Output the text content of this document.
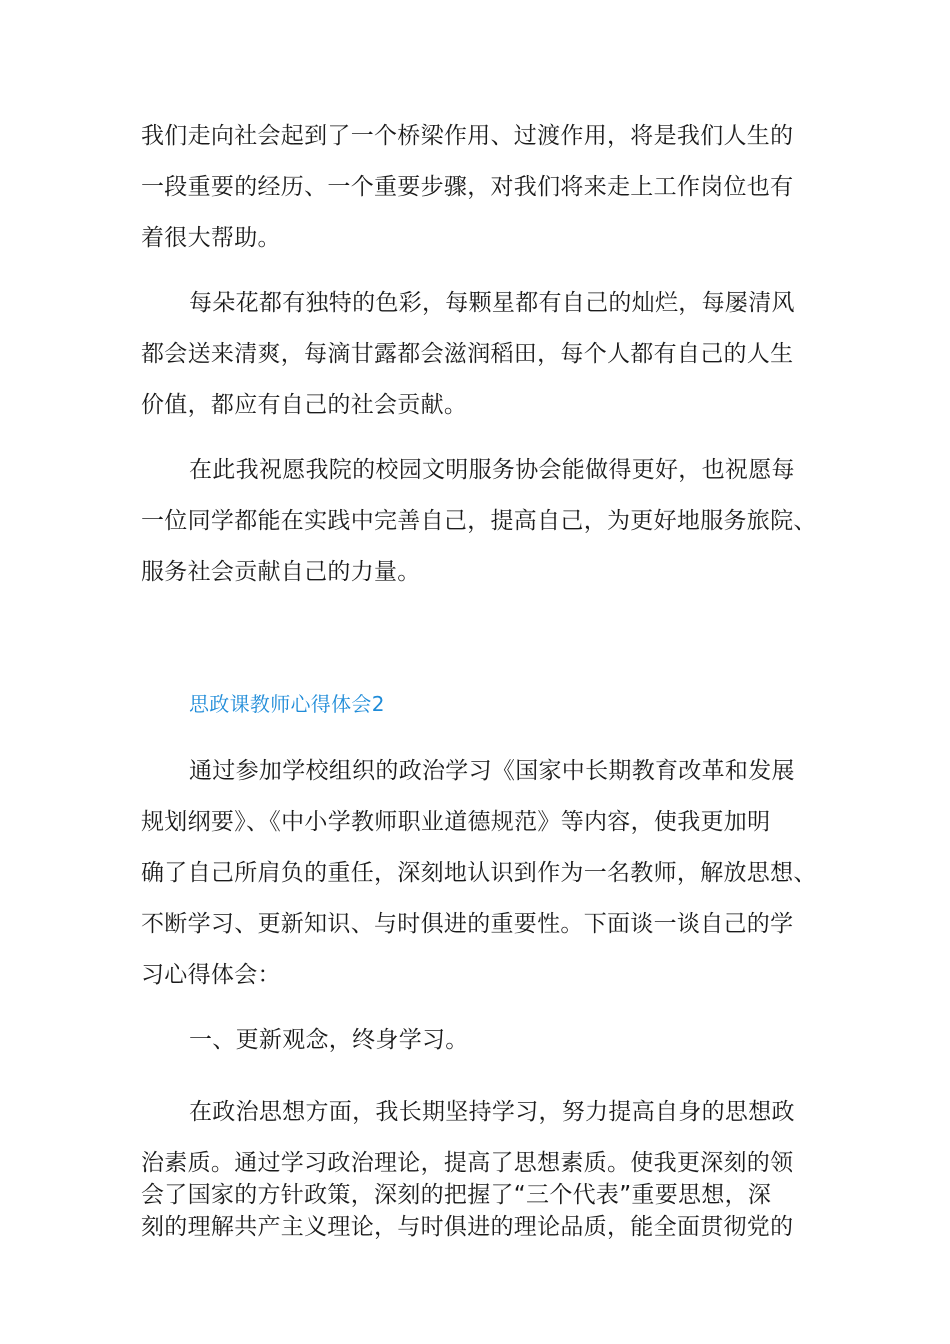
我们走向社会起到了一个桥梁作用、过渡作用，将是我们人生的
一段重要的经历、一个重要步骤，对我们将来走上工作岗位也有
着很大帮助。
每朵花都有独特的色彩，每颗星都有自己的灿烂，每屡清风
都会送来清爽，每滴甘露都会滋润稻田，每个人都有自己的人生
价值，都应有自己的社会贡献。
在此我祝愿我院的校园文明服务协会能做得更好，也祝愿每
一位同学都能在实践中完善自己，提高自己，为更好地服务旅院、
服务社会贡献自己的力量。
思政课教师心得体会2
通过参加学校组织的政治学习《国家中长期教育改革和发展
规划纲要》、《中小学教师职业道德规范》等内容，使我更加明
确了自己所肩负的重任，深刻地认识到作为一名教师，解放思想、
不断学习、更新知识、与时俱进的重要性。下面谈一谈自己的学
习心得体会：
一、更新观念，终身学习。
在政治思想方面，我长期坚持学习，努力提高自身的思想政
治素质。通过学习政治理论，提高了思想素质。使我更深刻的领
会了国家的方针政策，深刻的把握了“三个代表”重要思想，深
刻的理解共产主义理论，与时俱进的理论品质，能全面贯彻党的
